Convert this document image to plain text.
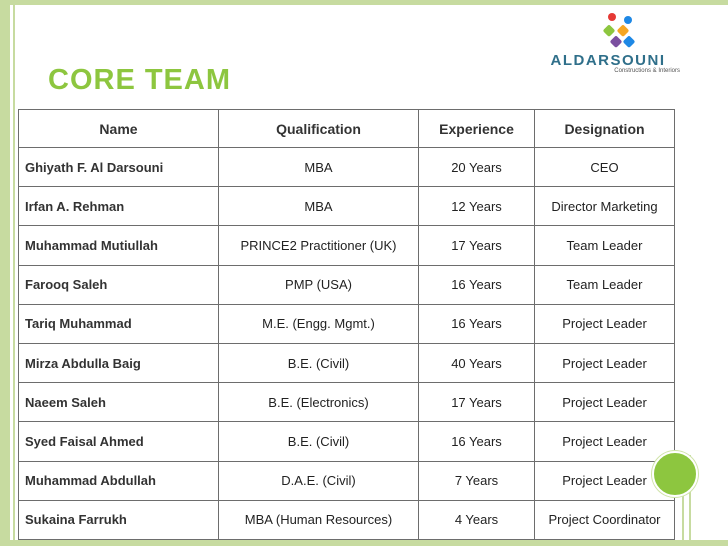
CORE TEAM
ALDARSOUNI
Constructions & Interiors
Name	Qualification	Experience	Designation
Ghiyath F. Al Darsouni	MBA	20 Years	CEO
Irfan A. Rehman	MBA	12 Years	Director Marketing
Muhammad Mutiullah	PRINCE2 Practitioner (UK)	17 Years	Team Leader
Farooq Saleh	PMP (USA)	16 Years	Team Leader
Tariq Muhammad	M.E. (Engg. Mgmt.)	16 Years	Project Leader
Mirza Abdulla Baig	B.E. (Civil)	40 Years	Project Leader
Naeem Saleh	B.E. (Electronics)	17 Years	Project Leader
Syed Faisal Ahmed	B.E. (Civil)	16 Years	Project Leader
Muhammad Abdullah	D.A.E. (Civil)	7 Years	Project Leader
Sukaina Farrukh	MBA (Human Resources)	4 Years	Project Coordinator
